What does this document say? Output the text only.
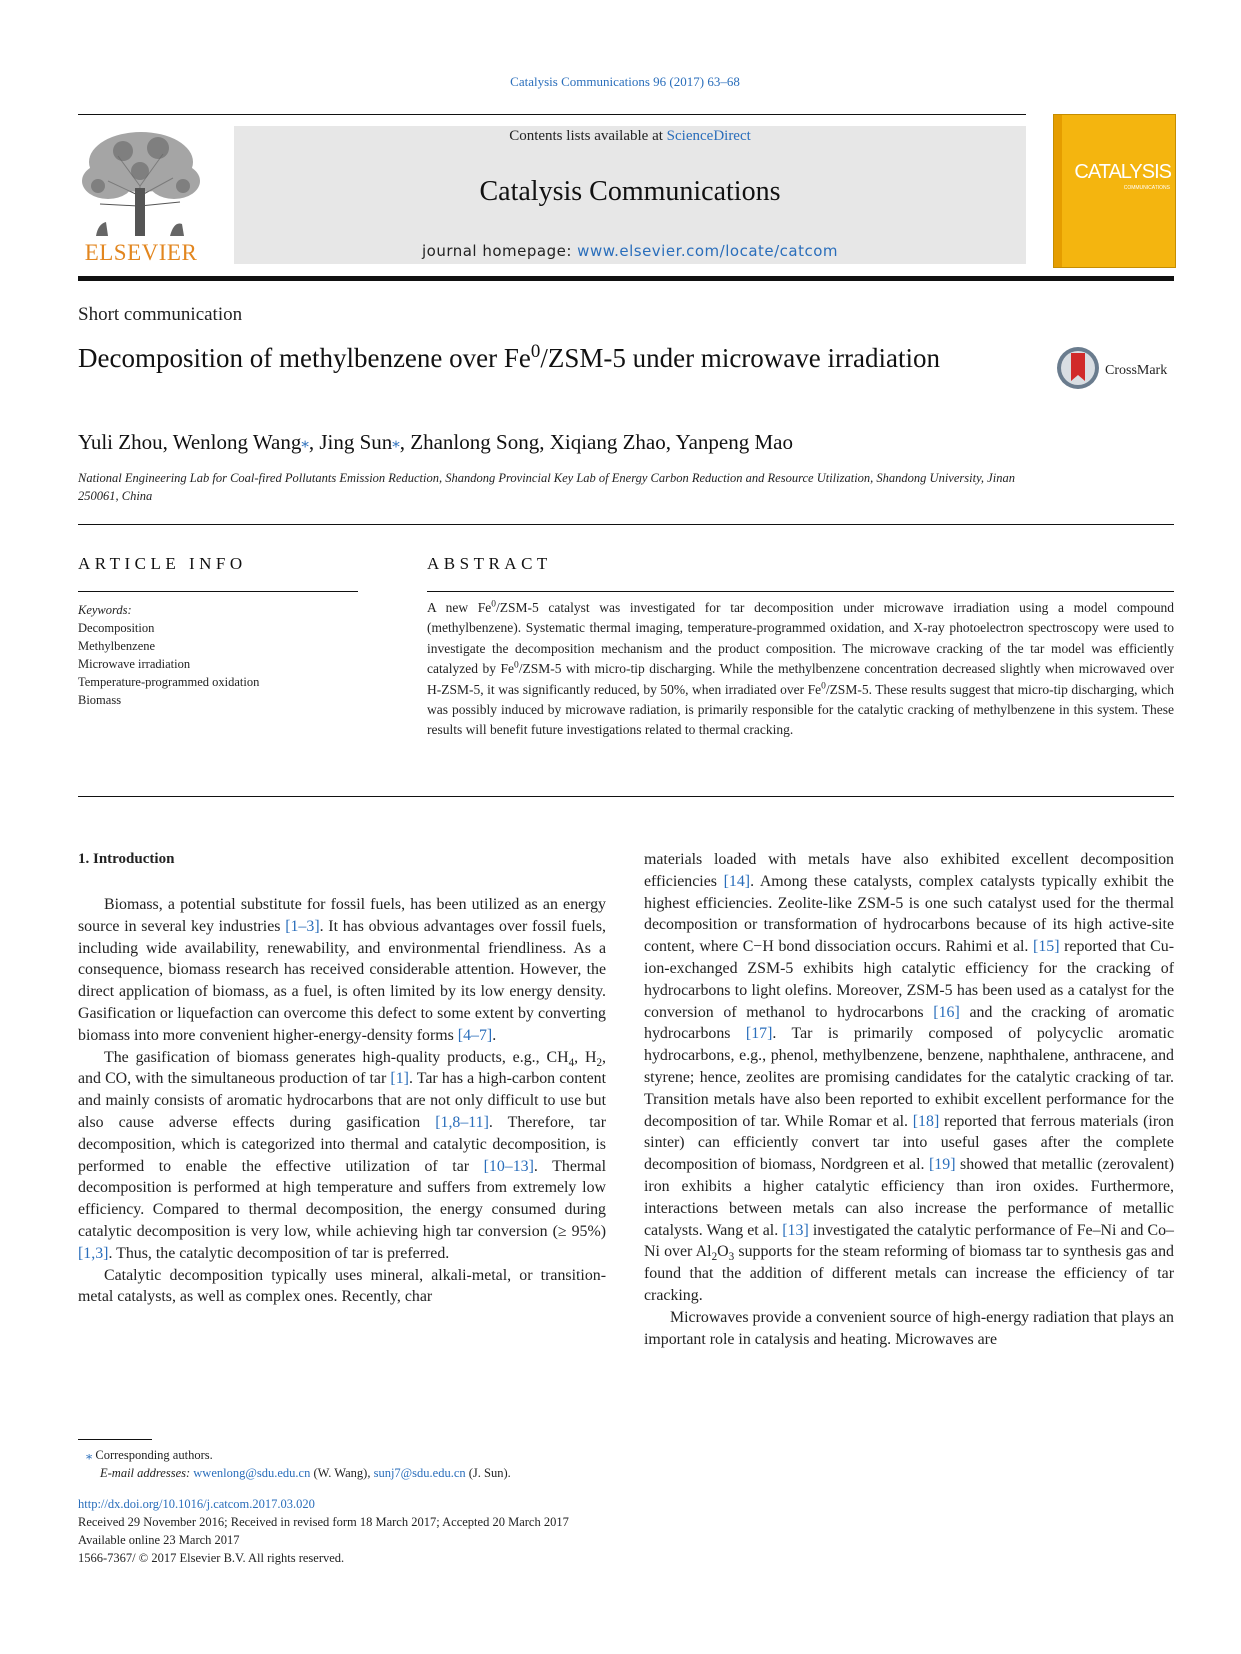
Catalysis Communications 96 (2017) 63–68
ELSEVIER
Contents lists available at ScienceDirect
Catalysis Communications
journal homepage: www.elsevier.com/locate/catcom
CATALYSIS
COMMUNICATIONS
Short communication
Decomposition of methylbenzene over Fe$^0$/ZSM-5 under microwave irradiation	CrossMark
Yuli Zhou, Wenlong Wang⁎, Jing Sun⁎, Zhanlong Song, Xiqiang Zhao, Yanpeng Mao
National Engineering Lab for Coal-fired Pollutants Emission Reduction, Shandong Provincial Key Lab of Energy Carbon Reduction and Resource Utilization, Shandong University, Jinan 250061, China
ARTICLE INFO
Keywords:
Decomposition
Methylbenzene
Microwave irradiation
Temperature-programmed oxidation
Biomass
ABSTRACT
A new Fe$^0$/ZSM-5 catalyst was investigated for tar decomposition under microwave irradiation using a model compound (methylbenzene). Systematic thermal imaging, temperature-programmed oxidation, and X-ray photoelectron spectroscopy were used to investigate the decomposition mechanism and the product composition. The microwave cracking of the tar model was efficiently catalyzed by Fe$^0$/ZSM-5 with micro-tip discharging. While the methylbenzene concentration decreased slightly when microwaved over H-ZSM-5, it was significantly reduced, by 50%, when irradiated over Fe$^0$/ZSM-5. These results suggest that micro-tip discharging, which was possibly induced by microwave radiation, is primarily responsible for the catalytic cracking of methylbenzene in this system. These results will benefit future investigations related to thermal cracking.
1. Introduction

Biomass, a potential substitute for fossil fuels, has been utilized as an energy source in several key industries [1–3]. It has obvious advantages over fossil fuels, including wide availability, renewability, and environmental friendliness. As a consequence, biomass research has received considerable attention. However, the direct application of biomass, as a fuel, is often limited by its low energy density. Gasification or liquefaction can overcome this defect to some extent by converting biomass into more convenient higher-energy-density forms [4–7].

The gasification of biomass generates high-quality products, e.g., $CH_4$, $H_2$, and CO, with the simultaneous production of tar [1]. Tar has a high-carbon content and mainly consists of aromatic hydrocarbons that are not only difficult to use but also cause adverse effects during gasification [1,8–11]. Therefore, tar decomposition, which is categorized into thermal and catalytic decomposition, is performed to enable the effective utilization of tar [10–13]. Thermal decomposition is performed at high temperature and suffers from extremely low efficiency. Compared to thermal decomposition, the energy consumed during catalytic decomposition is very low, while achieving high tar conversion (≥ 95%) [1,3]. Thus, the catalytic decomposition of tar is preferred.

Catalytic decomposition typically uses mineral, alkali-metal, or transition-metal catalysts, as well as complex ones. Recently, char

materials loaded with metals have also exhibited excellent decomposition efficiencies [14]. Among these catalysts, complex catalysts typically exhibit the highest efficiencies. Zeolite-like ZSM-5 is one such catalyst used for the thermal decomposition or transformation of hydrocarbons because of its high active-site content, where C−H bond dissociation occurs. Rahimi et al. [15] reported that Cu-ion-exchanged ZSM-5 exhibits high catalytic efficiency for the cracking of hydrocarbons to light olefins. Moreover, ZSM-5 has been used as a catalyst for the conversion of methanol to hydrocarbons [16] and the cracking of aromatic hydrocarbons [17]. Tar is primarily composed of polycyclic aromatic hydrocarbons, e.g., phenol, methylbenzene, benzene, naphthalene, anthracene, and styrene; hence, zeolites are promising candidates for the catalytic cracking of tar. Transition metals have also been reported to exhibit excellent performance for the decomposition of tar. While Romar et al. [18] reported that ferrous materials (iron sinter) can efficiently convert tar into useful gases after the complete decomposition of biomass, Nordgreen et al. [19] showed that metallic (zerovalent) iron exhibits a higher catalytic efficiency than iron oxides. Furthermore, interactions between metals can also increase the performance of metallic catalysts. Wang et al. [13] investigated the catalytic performance of Fe–Ni and Co–Ni over $Al_2O_3$ supports for the steam reforming of biomass tar to synthesis gas and found that the addition of different metals can increase the efficiency of tar cracking.

Microwaves provide a convenient source of high-energy radiation that plays an important role in catalysis and heating. Microwaves are

⁎ Corresponding authors.
E-mail addresses: wwenlong@sdu.edu.cn (W. Wang), sunj7@sdu.edu.cn (J. Sun).
http://dx.doi.org/10.1016/j.catcom.2017.03.020
Received 29 November 2016; Received in revised form 18 March 2017; Accepted 20 March 2017
Available online 23 March 2017
1566-7367/ © 2017 Elsevier B.V. All rights reserved.
